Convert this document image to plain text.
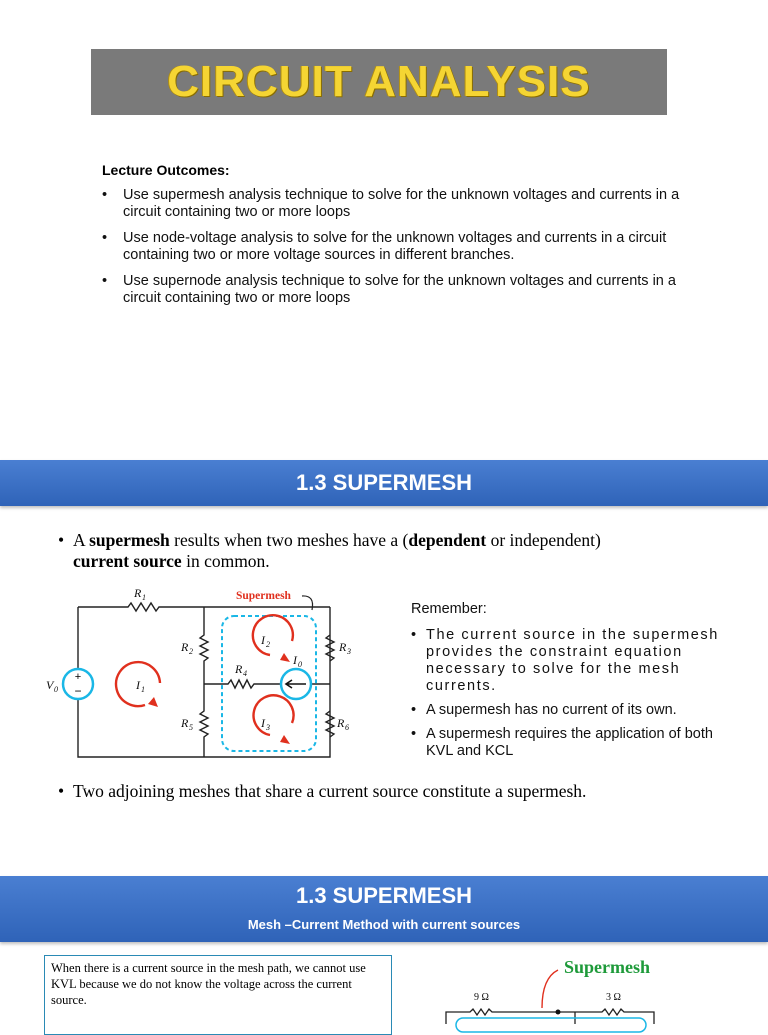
CIRCUIT ANALYSIS
Lecture Outcomes:
• Use supermesh analysis technique to solve for the unknown voltages and currents in a circuit containing two or more loops
• Use node-voltage analysis to solve for the unknown voltages and currents in a circuit containing two or more voltage sources in different branches.
• Use supernode analysis technique to solve for the unknown voltages and currents in a circuit containing two or more loops
1.3 SUPERMESH
• A supermesh results when two meshes have a (dependent or independent)
current source in common.
+
−
Supermesh
R 1
R 2	R 3
R 4
R 5	R 6
V 0	I 1
I 2
I 0
I 3
Remember:
• The current source in the supermesh provides the constraint equation necessary to solve for the mesh currents.
• A supermesh has no current of its own.
• A supermesh requires the application of both KVL and KCL
• Two adjoining meshes that share a current source constitute a supermesh.
1.3 SUPERMESH
Mesh –Current Method with current sources
When there is a current source in the mesh path, we cannot use KVL because we do not know the voltage across the current source.
Supermesh
9 Ω	3 Ω
